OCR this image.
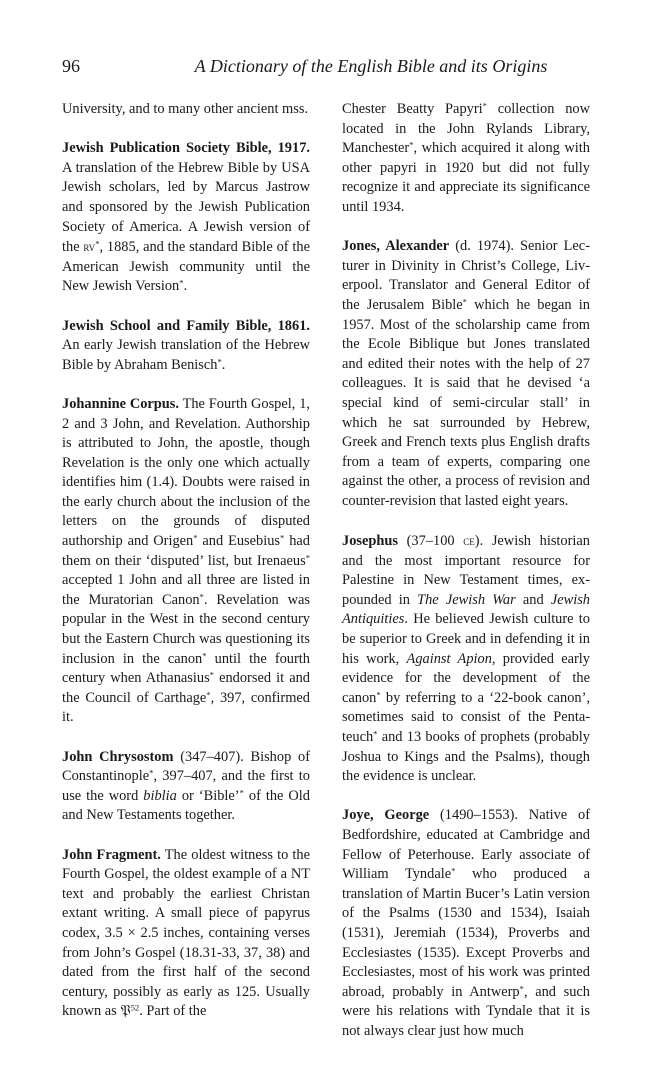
96	A Dictionary of the English Bible and its Origins

University, and to many other ancient mss.

Jewish Publication Society Bible, 1917. A translation of the Hebrew Bible by USA Jewish scholars, led by Marcus Jastrow and sponsored by the Jewish Publication Society of America. A Jewish version of the rv*, 1885, and the standard Bible of the American Jewish community until the New Jewish Version*.

Jewish School and Family Bible, 1861. An early Jewish translation of the Hebrew Bible by Abraham Benisch*.

Johannine Corpus. The Fourth Gospel, 1, 2 and 3 John, and Revelation. Authorship is attributed to John, the apostle, though Revelation is the only one which actually identifies him (1.4). Doubts were raised in the early church about the inclusion of the letters on the grounds of disputed authorship and Origen* and Eusebius* had them on their ‘disputed’ list, but Irenaeus* accepted 1 John and all three are listed in the Muratorian Canon*. Revelation was popular in the West in the second century but the Eastern Church was questioning its inclusion in the canon* until the fourth century when Athanasius* endorsed it and the Council of Carthage*, 397, confirmed it.

John Chrysostom (347–407). Bishop of Constantinople*, 397–407, and the first to use the word biblia or ‘Bible’* of the Old and New Testaments together.

John Fragment. The oldest witness to the Fourth Gospel, the oldest example of a NT text and probably the earliest Christan extant writing. A small piece of papyrus codex, 3.5 × 2.5 inches, containing verses from John’s Gospel (18.31-33, 37, 38) and dated from the first half of the second century, possibly as early as 125. Usually known as 𝔓$^{52}$. Part of the

Chester Beatty Papyri* collection now located in the John Rylands Library, Manchester*, which acquired it along with other papyri in 1920 but did not fully recognize it and appreciate its significance until 1934.

Jones, Alexander (d. 1974). Senior Lecturer in Divinity in Christ’s College, Liverpool. Translator and General Editor of the Jerusalem Bible* which he began in 1957. Most of the scholarship came from the Ecole Biblique but Jones translated and edited their notes with the help of 27 colleagues. It is said that he devised ‘a special kind of semi-circular stall’ in which he sat surrounded by Hebrew, Greek and French texts plus English drafts from a team of experts, comparing one against the other, a process of revision and counter-revision that lasted eight years.

Josephus (37–100 ce). Jewish historian and the most important resource for Palestine in New Testament times, expounded in The Jewish War and Jewish Antiquities. He believed Jewish culture to be superior to Greek and in defending it in his work, Against Apion, provided early evidence for the development of the canon* by referring to a ‘22-book canon’, sometimes said to consist of the Pentateuch* and 13 books of prophets (probably Joshua to Kings and the Psalms), though the evidence is unclear.

Joye, George (1490–1553). Native of Bedfordshire, educated at Cambridge and Fellow of Peterhouse. Early associate of William Tyndale* who produced a translation of Martin Bucer’s Latin version of the Psalms (1530 and 1534), Isaiah (1531), Jeremiah (1534), Proverbs and Ecclesiastes (1535). Except Proverbs and Ecclesiastes, most of his work was printed abroad, probably in Antwerp*, and such were his relations with Tyndale that it is not always clear just how much
